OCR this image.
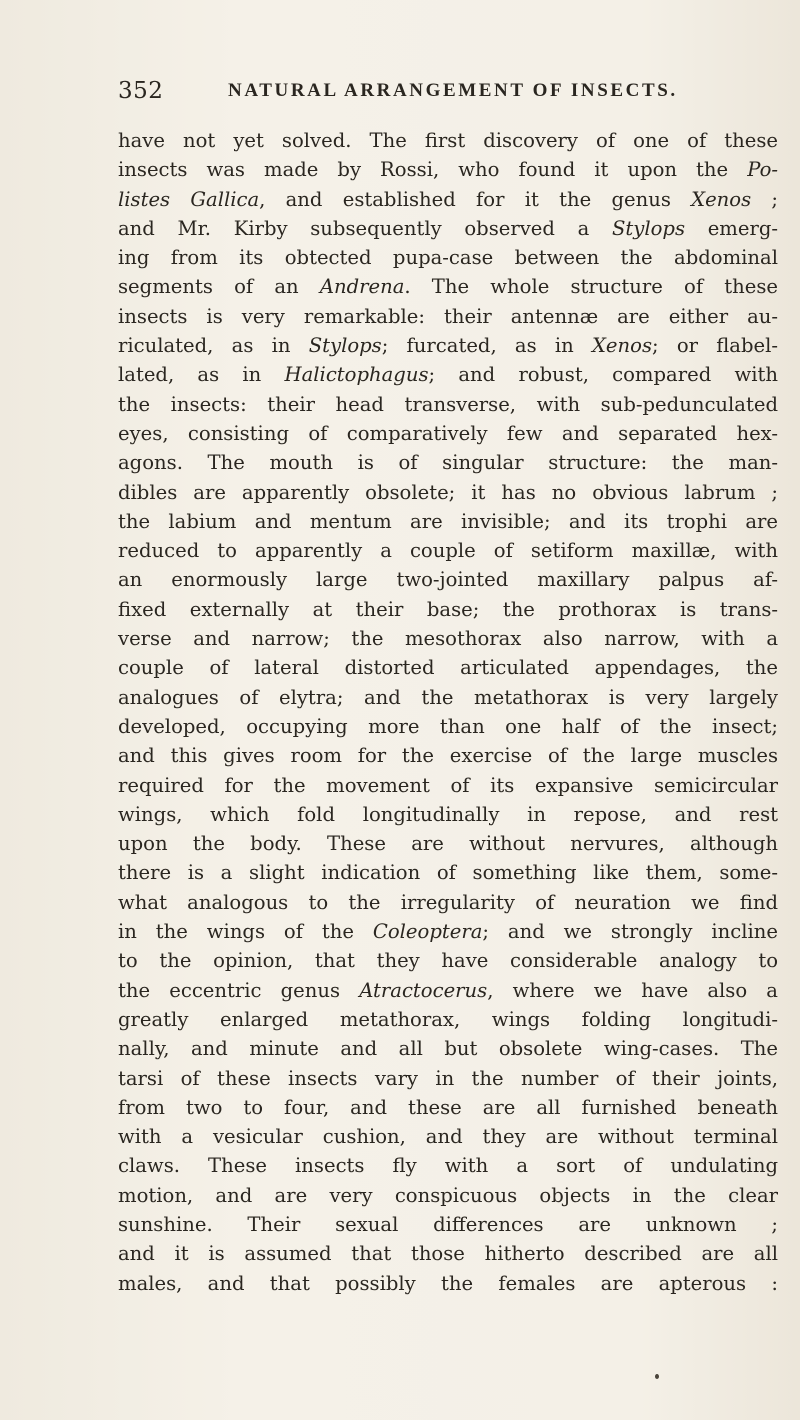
352	NATURAL ARRANGEMENT OF INSECTS.
have not yet solved. The first discovery of one of these
insects was made by Rossi, who found it upon the Po-
listes Gallica, and established for it the genus Xenos ;
and Mr. Kirby subsequently observed a Stylops emerg-
ing from its obtected pupa-case between the abdominal
segments of an Andrena. The whole structure of these
insects is very remarkable: their antennæ are either au-
riculated, as in Stylops; furcated, as in Xenos; or flabel-
lated, as in Halictophagus; and robust, compared with
the insects: their head transverse, with sub-pedunculated
eyes, consisting of comparatively few and separated hex-
agons. The mouth is of singular structure: the man-
dibles are apparently obsolete; it has no obvious labrum ;
the labium and mentum are invisible; and its trophi are
reduced to apparently a couple of setiform maxillæ, with
an enormously large two-jointed maxillary palpus af-
fixed externally at their base; the prothorax is trans-
verse and narrow; the mesothorax also narrow, with a
couple of lateral distorted articulated appendages, the
analogues of elytra; and the metathorax is very largely
developed, occupying more than one half of the insect;
and this gives room for the exercise of the large muscles
required for the movement of its expansive semicircular
wings, which fold longitudinally in repose, and rest
upon the body. These are without nervures, although
there is a slight indication of something like them, some-
what analogous to the irregularity of neuration we find
in the wings of the Coleoptera; and we strongly incline
to the opinion, that they have considerable analogy to
the eccentric genus Atractocerus, where we have also a
greatly enlarged metathorax, wings folding longitudi-
nally, and minute and all but obsolete wing-cases. The
tarsi of these insects vary in the number of their joints,
from two to four, and these are all furnished beneath
with a vesicular cushion, and they are without terminal
claws. These insects fly with a sort of undulating
motion, and are very conspicuous objects in the clear
sunshine. Their sexual differences are unknown ;
and it is assumed that those hitherto described are all
males, and that possibly the females are apterous :
